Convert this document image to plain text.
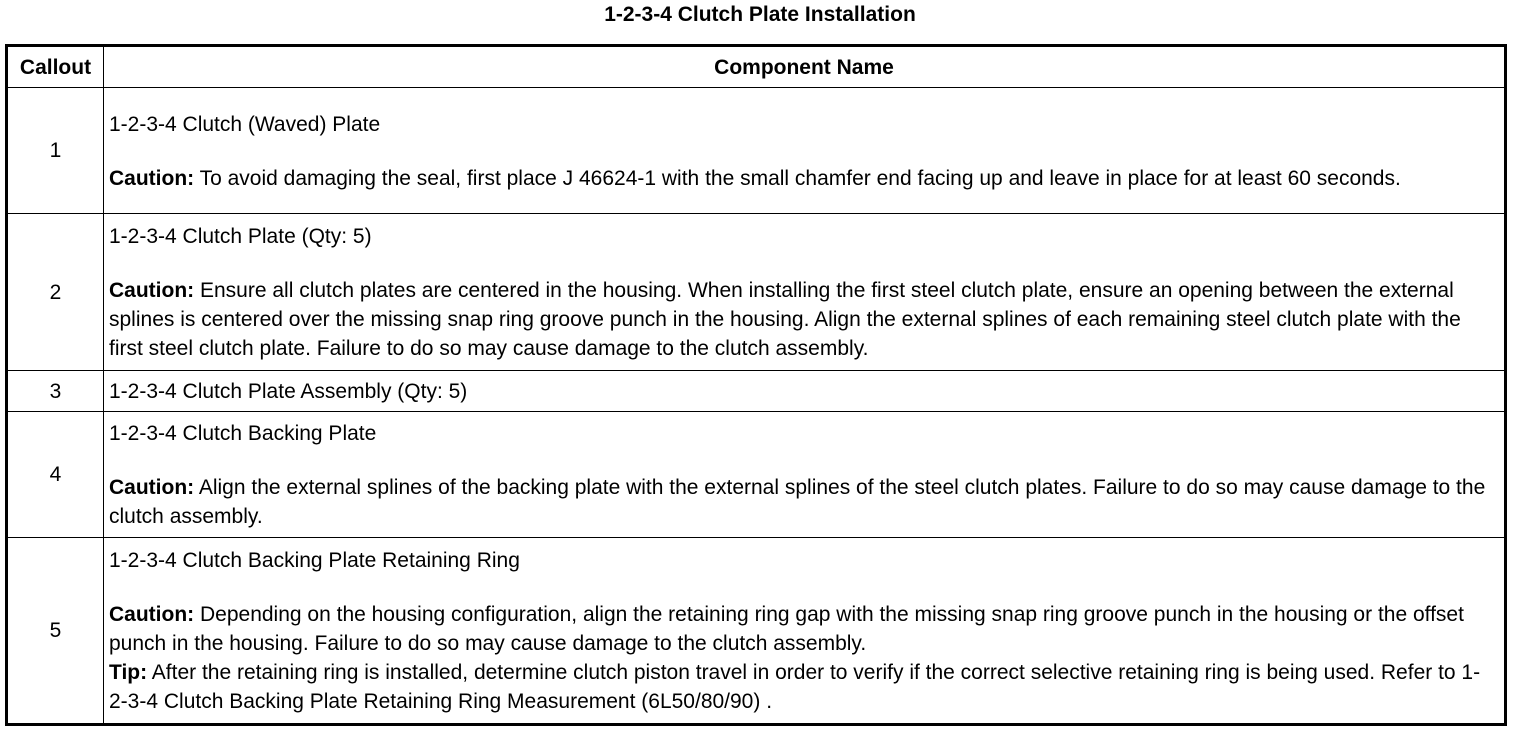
1-2-3-4 Clutch Plate Installation
Callout	Component Name
1	1-2-3-4 Clutch (Waved) Plate
Caution: To avoid damaging the seal, first place J 46624-1 with the small chamfer end facing up and leave in place for at least 60 seconds.

2	1-2-3-4 Clutch Plate (Qty: 5)
Caution: Ensure all clutch plates are centered in the housing. When installing the first steel clutch plate, ensure an opening between the external splines is centered over the missing snap ring groove punch in the housing. Align the external splines of each remaining steel clutch plate with the first steel clutch plate. Failure to do so may cause damage to the clutch assembly.

3	1-2-3-4 Clutch Plate Assembly (Qty: 5)

4	1-2-3-4 Clutch Backing Plate
Caution: Align the external splines of the backing plate with the external splines of the steel clutch plates. Failure to do so may cause damage to the clutch assembly.

5	1-2-3-4 Clutch Backing Plate Retaining Ring
Caution: Depending on the housing configuration, align the retaining ring gap with the missing snap ring groove punch in the housing or the offset punch in the housing. Failure to do so may cause damage to the clutch assembly.
Tip: After the retaining ring is installed, determine clutch piston travel in order to verify if the correct selective retaining ring is being used. Refer to 1-2-3-4 Clutch Backing Plate Retaining Ring Measurement (6L50/80/90) .
